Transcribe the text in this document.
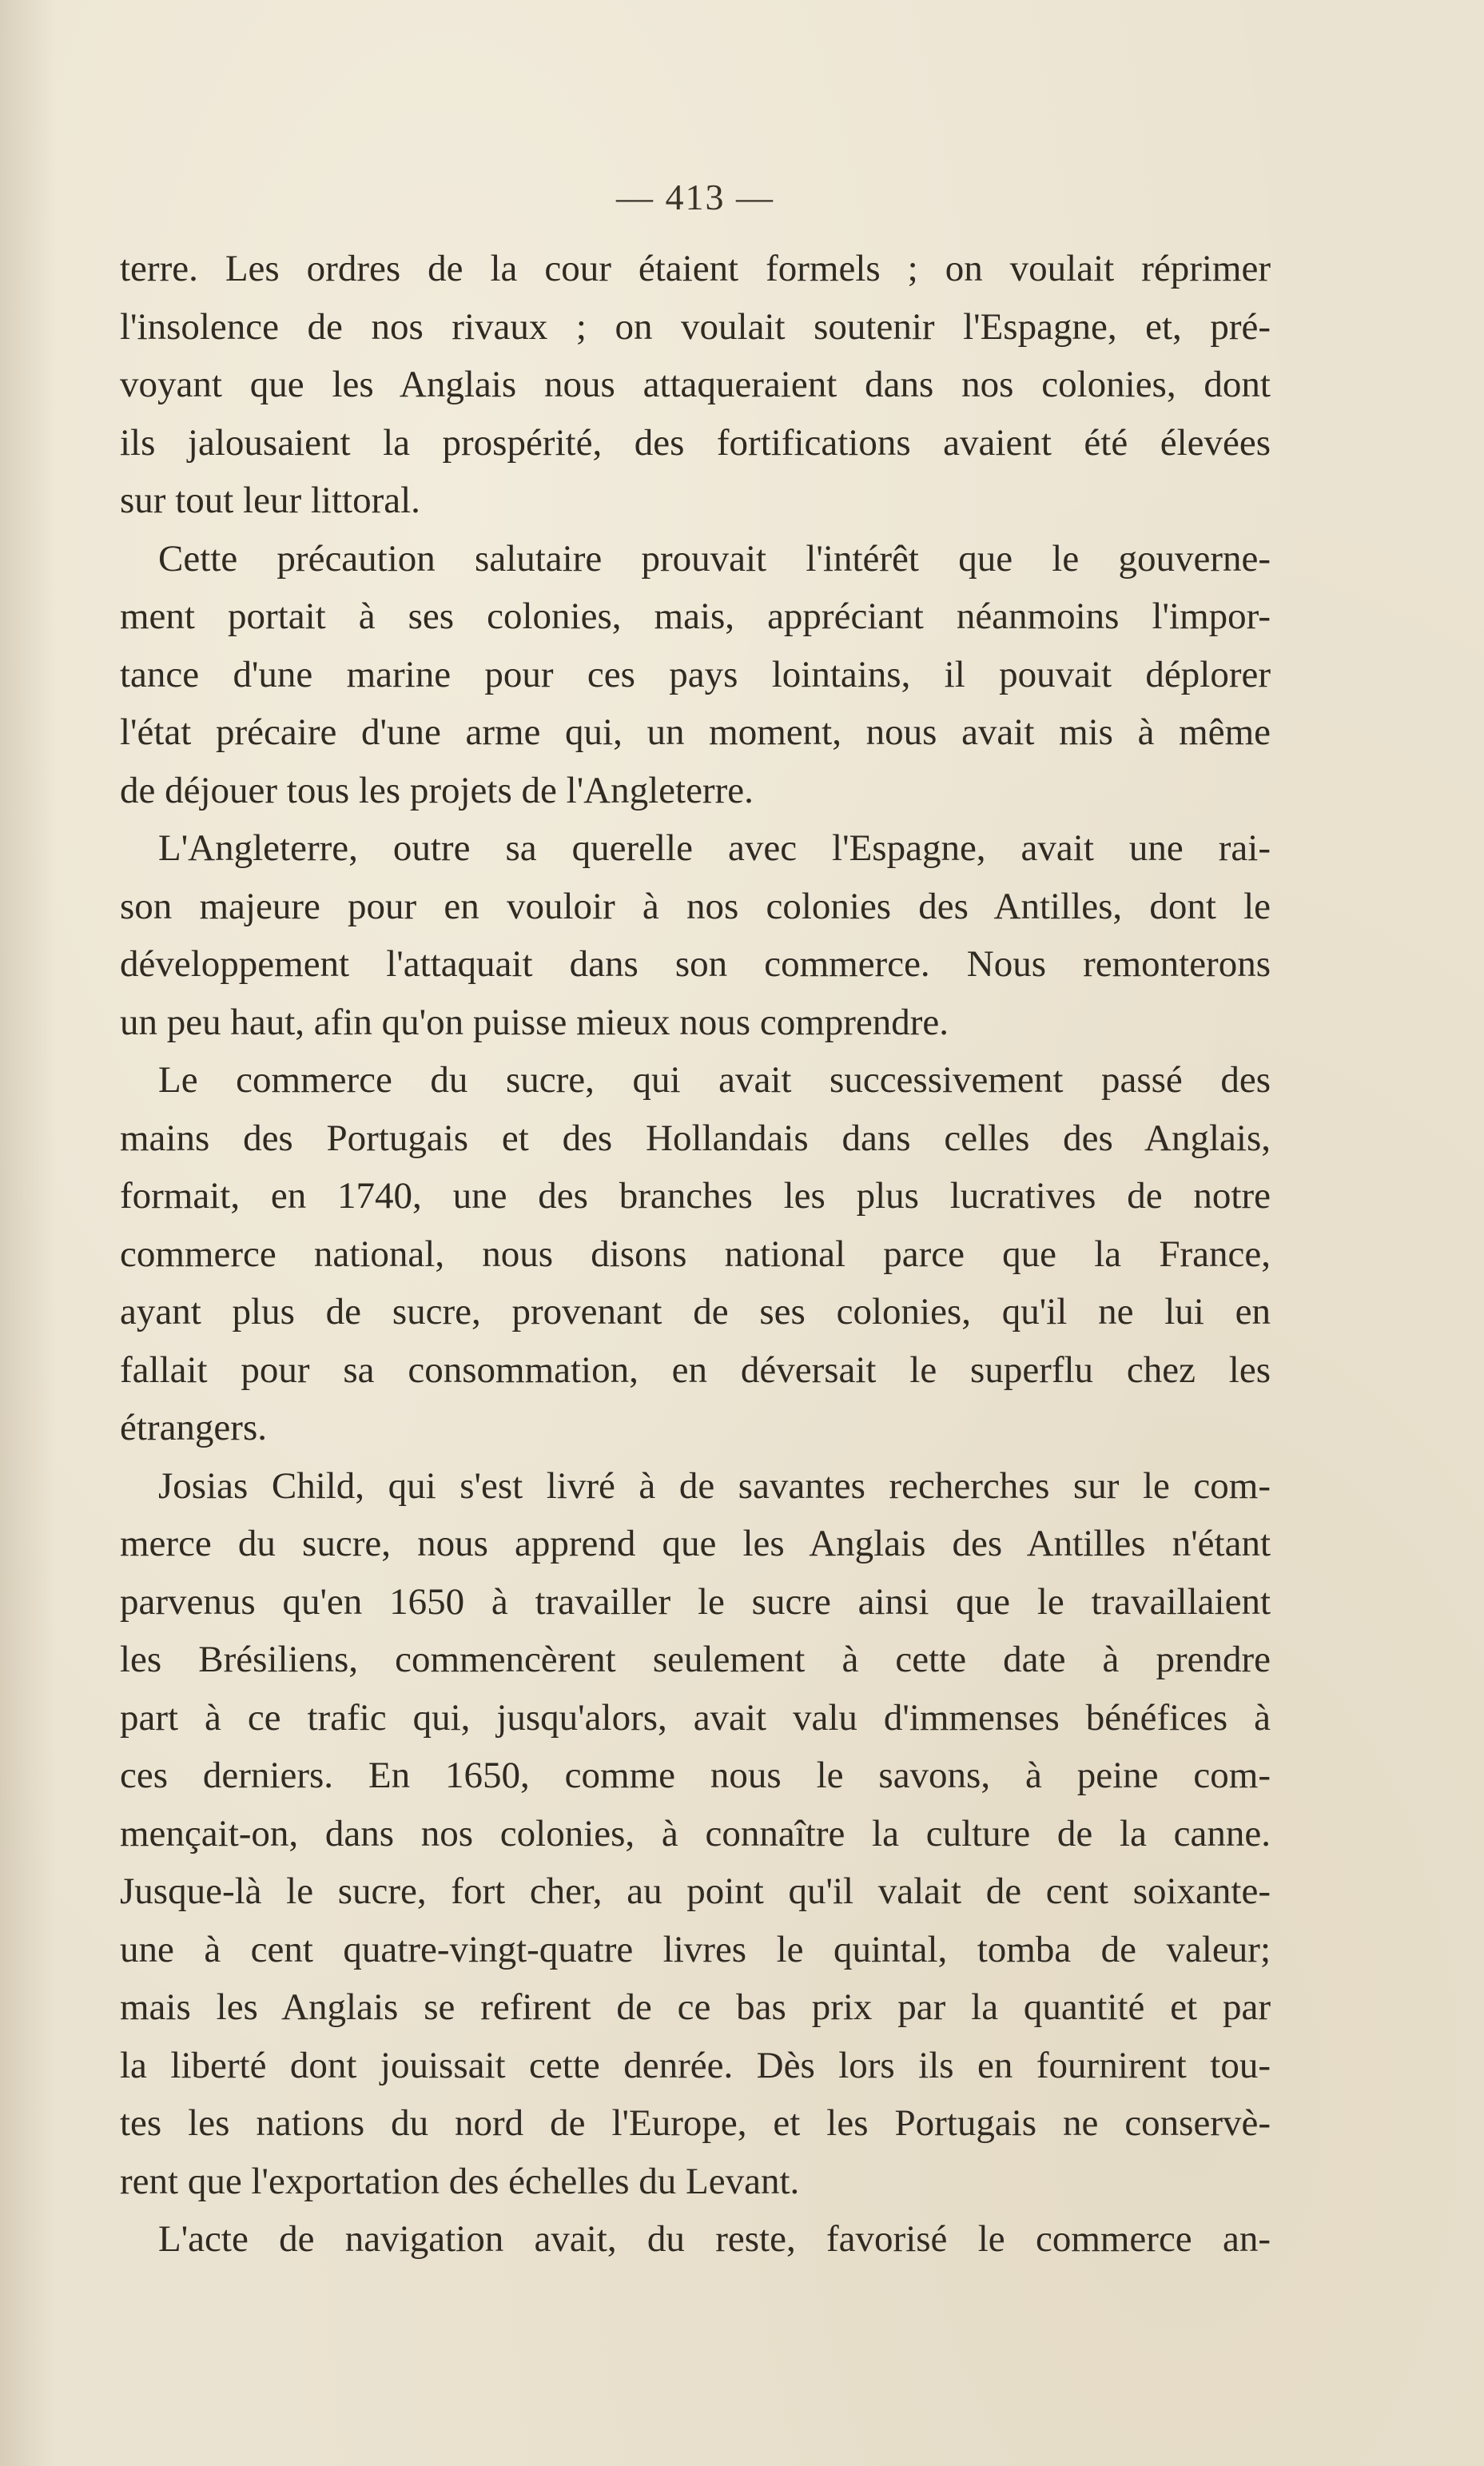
— 413 —
terre. Les ordres de la cour étaient formels ; on voulait réprimer
l'insolence de nos rivaux ; on voulait soutenir l'Espagne, et, pré-
voyant que les Anglais nous attaqueraient dans nos colonies, dont
ils jalousaient la prospérité, des fortifications avaient été élevées
sur tout leur littoral.
Cette précaution salutaire prouvait l'intérêt que le gouverne-
ment portait à ses colonies, mais, appréciant néanmoins l'impor-
tance d'une marine pour ces pays lointains, il pouvait déplorer
l'état précaire d'une arme qui, un moment, nous avait mis à même
de déjouer tous les projets de l'Angleterre.
L'Angleterre, outre sa querelle avec l'Espagne, avait une rai-
son majeure pour en vouloir à nos colonies des Antilles, dont le
développement l'attaquait dans son commerce. Nous remonterons
un peu haut, afin qu'on puisse mieux nous comprendre.
Le commerce du sucre, qui avait successivement passé des
mains des Portugais et des Hollandais dans celles des Anglais,
formait, en 1740, une des branches les plus lucratives de notre
commerce national, nous disons national parce que la France,
ayant plus de sucre, provenant de ses colonies, qu'il ne lui en
fallait pour sa consommation, en déversait le superflu chez les
étrangers.
Josias Child, qui s'est livré à de savantes recherches sur le com-
merce du sucre, nous apprend que les Anglais des Antilles n'étant
parvenus qu'en 1650 à travailler le sucre ainsi que le travaillaient
les Brésiliens, commencèrent seulement à cette date à prendre
part à ce trafic qui, jusqu'alors, avait valu d'immenses bénéfices à
ces derniers. En 1650, comme nous le savons, à peine com-
mençait-on, dans nos colonies, à connaître la culture de la canne.
Jusque-là le sucre, fort cher, au point qu'il valait de cent soixante-
une à cent quatre-vingt-quatre livres le quintal, tomba de valeur;
mais les Anglais se refirent de ce bas prix par la quantité et par
la liberté dont jouissait cette denrée. Dès lors ils en fournirent tou-
tes les nations du nord de l'Europe, et les Portugais ne conservè-
rent que l'exportation des échelles du Levant.
L'acte de navigation avait, du reste, favorisé le commerce an-
